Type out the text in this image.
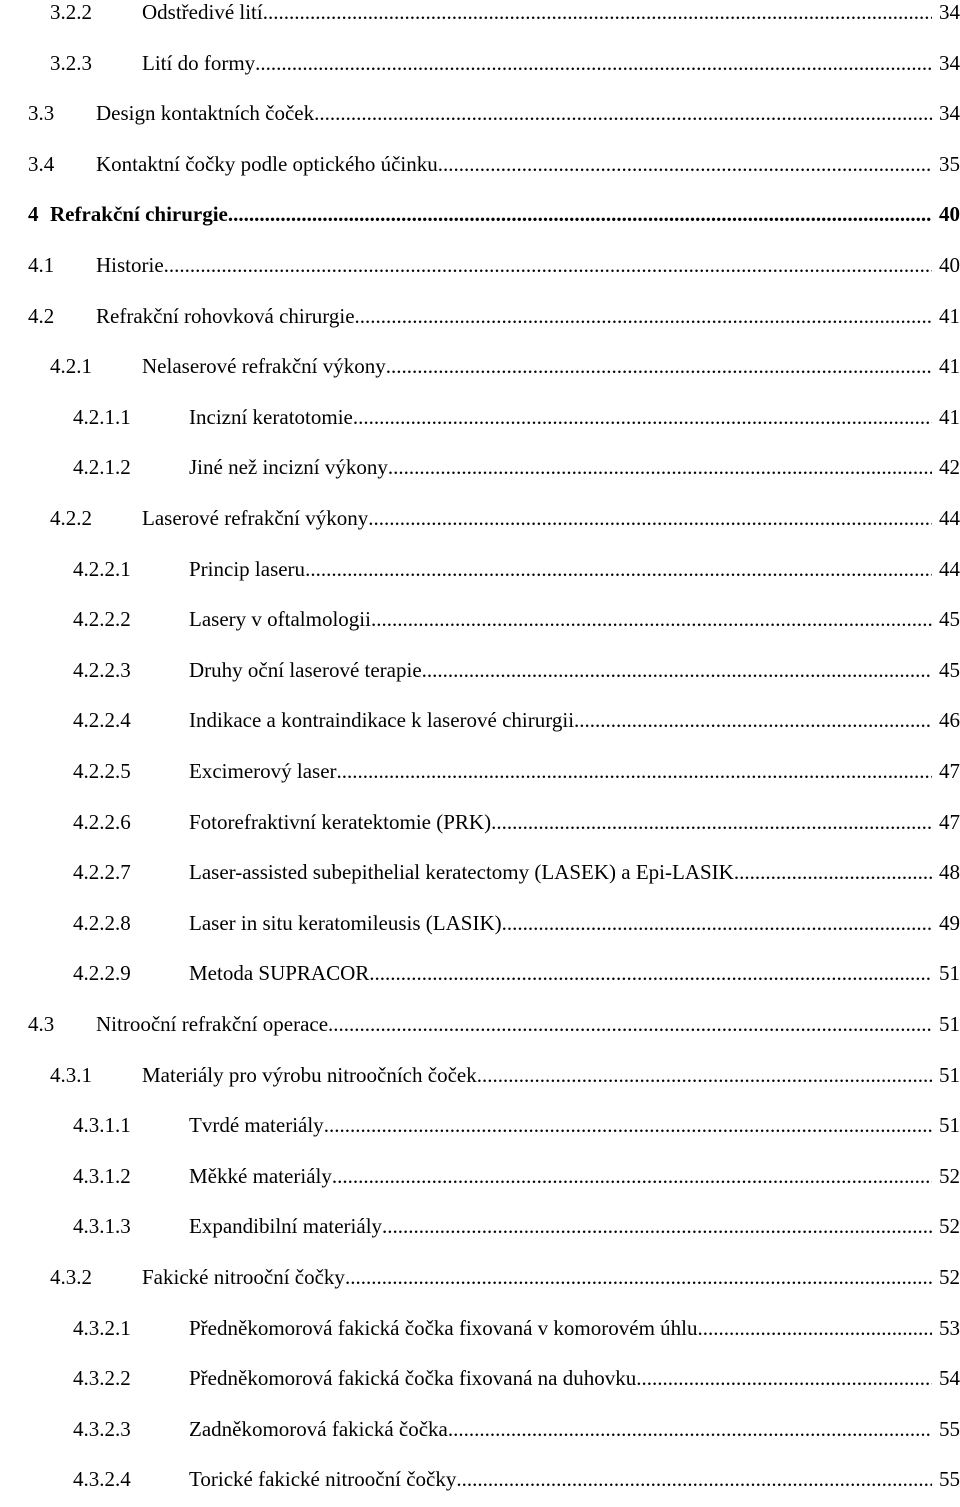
3.2.2 Odstředivé lití .....	34
3.2.3 Lití do formy .....	34
3.3 Design kontaktních čoček .....	34
3.4 Kontaktní čočky podle optického účinku .....	35
4 Refrakční chirurgie .....	40
4.1 Historie .....	40
4.2 Refrakční rohovková chirurgie .....	41
4.2.1 Nelaserové refrakční výkony .....	41
4.2.1.1	Incizní keratotomie .....	41
4.2.1.2	Jiné než incizní výkony .....	42
4.2.2 Laserové refrakční výkony .....	44
4.2.2.1	Princip laseru .....	44
4.2.2.2	Lasery v oftalmologii .....	45
4.2.2.3	Druhy oční laserové terapie .....	45
4.2.2.4	Indikace a kontraindikace k laserové chirurgii .....	46
4.2.2.5	Excimerový laser .....	47
4.2.2.6	Fotorefraktivní keratektomie (PRK) .....	47
4.2.2.7	Laser-assisted subepithelial keratectomy (LASEK) a Epi-LASIK .....	48
4.2.2.8	Laser in situ keratomileusis (LASIK) .....	49
4.2.2.9	Metoda SUPRACOR .....	51
4.3 Nitrooční refrakční operace .....	51
4.3.1 Materiály pro výrobu nitroočních čoček .....	51
4.3.1.1	Tvrdé materiály .....	51
4.3.1.2	Měkké materiály .....	52
4.3.1.3	Expandibilní materiály .....	52
4.3.2 Fakické nitrooční čočky .....	52
4.3.2.1	Předněkomorová fakická čočka fixovaná v komorovém úhlu .....	53
4.3.2.2	Předněkomorová fakická čočka fixovaná na duhovku .....	54
4.3.2.3	Zadněkomorová fakická čočka .....	55
4.3.2.4	Torické fakické nitrooční čočky .....	55
